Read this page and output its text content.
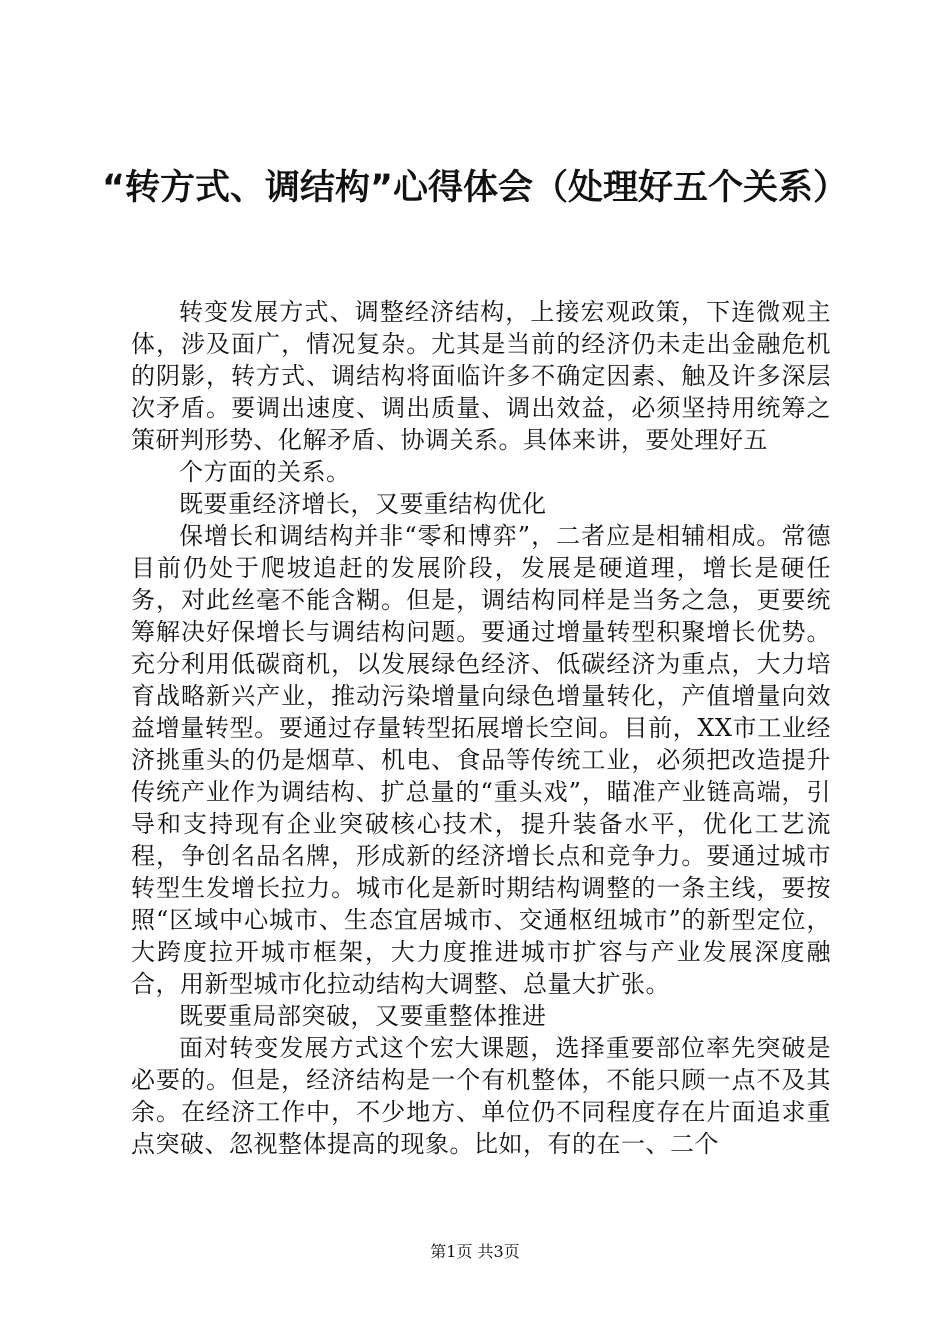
“转方式、调结构”心得体会（处理好五个关系）

转变发展方式、调整经济结构，上接宏观政策，下连微观主体，涉及面广，情况复杂。尤其是当前的经济仍未走出金融危机的阴影，转方式、调结构将面临许多不确定因素、触及许多深层次矛盾。要调出速度、调出质量、调出效益，必须坚持用统筹之策研判形势、化解矛盾、协调关系。具体来讲，要处理好五

个方面的关系。

既要重经济增长，又要重结构优化

保增长和调结构并非“零和博弈”，二者应是相辅相成。常德目前仍处于爬坡追赶的发展阶段，发展是硬道理，增长是硬任务，对此丝毫不能含糊。但是，调结构同样是当务之急，更要统筹解决好保增长与调结构问题。要通过增量转型积聚增长优势。充分利用低碳商机，以发展绿色经济、低碳经济为重点，大力培育战略新兴产业，推动污染增量向绿色增量转化，产值增量向效益增量转型。要通过存量转型拓展增长空间。目前，XX市工业经济挑重头的仍是烟草、机电、食品等传统工业，必须把改造提升传统产业作为调结构、扩总量的“重头戏”，瞄准产业链高端，引导和支持现有企业突破核心技术，提升装备水平，优化工艺流程，争创名品名牌，形成新的经济增长点和竞争力。要通过城市转型生发增长拉力。城市化是新时期结构调整的一条主线，要按照“区域中心城市、生态宜居城市、交通枢纽城市”的新型定位，大跨度拉开城市框架，大力度推进城市扩容与产业发展深度融合，用新型城市化拉动结构大调整、总量大扩张。

既要重局部突破，又要重整体推进

面对转变发展方式这个宏大课题，选择重要部位率先突破是必要的。但是，经济结构是一个有机整体，不能只顾一点不及其余。在经济工作中，不少地方、单位仍不同程度存在片面追求重点突破、忽视整体提高的现象。比如，有的在一、二个

第1页 共3页
